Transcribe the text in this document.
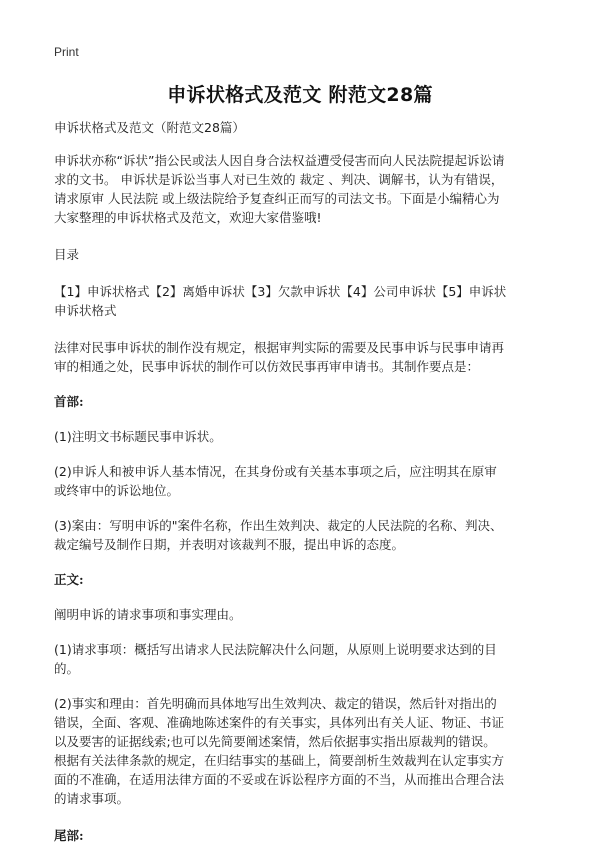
Print
申诉状格式及范文 附范文28篇

申诉状格式及范文（附范文28篇）

申诉状亦称“诉状”指公民或法人因自身合法权益遭受侵害而向人民法院提起诉讼请

求的文书。 申诉状是诉讼当事人对已生效的 裁定 、判决、调解书，认为有错误，

请求原审 人民法院 或上级法院给予复查纠正而写的司法文书。下面是小编精心为

大家整理的申诉状格式及范文，欢迎大家借鉴哦!

目录

【1】申诉状格式【2】离婚申诉状【3】欠款申诉状【4】公司申诉状【5】申诉状

申诉状格式

法律对民事申诉状的制作没有规定，根据审判实际的需要及民事申诉与民事申请再

审的相通之处，民事申诉状的制作可以仿效民事再审申请书。其制作要点是：

首部:

(1)注明文书标题民事申诉状。

(2)申诉人和被申诉人基本情况，在其身份或有关基本事项之后，应注明其在原审

或终审中的诉讼地位。

(3)案由：写明申诉的"案件名称，作出生效判决、裁定的人民法院的名称、判决、

裁定编号及制作日期，并表明对该裁判不服，提出申诉的态度。

正文:

阐明申诉的请求事项和事实理由。

(1)请求事项：概括写出请求人民法院解决什么问题，从原则上说明要求达到的目

的。

(2)事实和理由：首先明确而具体地写出生效判决、裁定的错误，然后针对指出的

错误，全面、客观、准确地陈述案件的有关事实，具体列出有关人证、物证、书证

以及要害的证据线索;也可以先简要阐述案情，然后依据事实指出原裁判的错误。

根据有关法律条款的规定，在归结事实的基础上，简要剖析生效裁判在认定事实方

面的不准确，在适用法律方面的不妥或在诉讼程序方面的不当，从而推出合理合法

的请求事项。

尾部:
